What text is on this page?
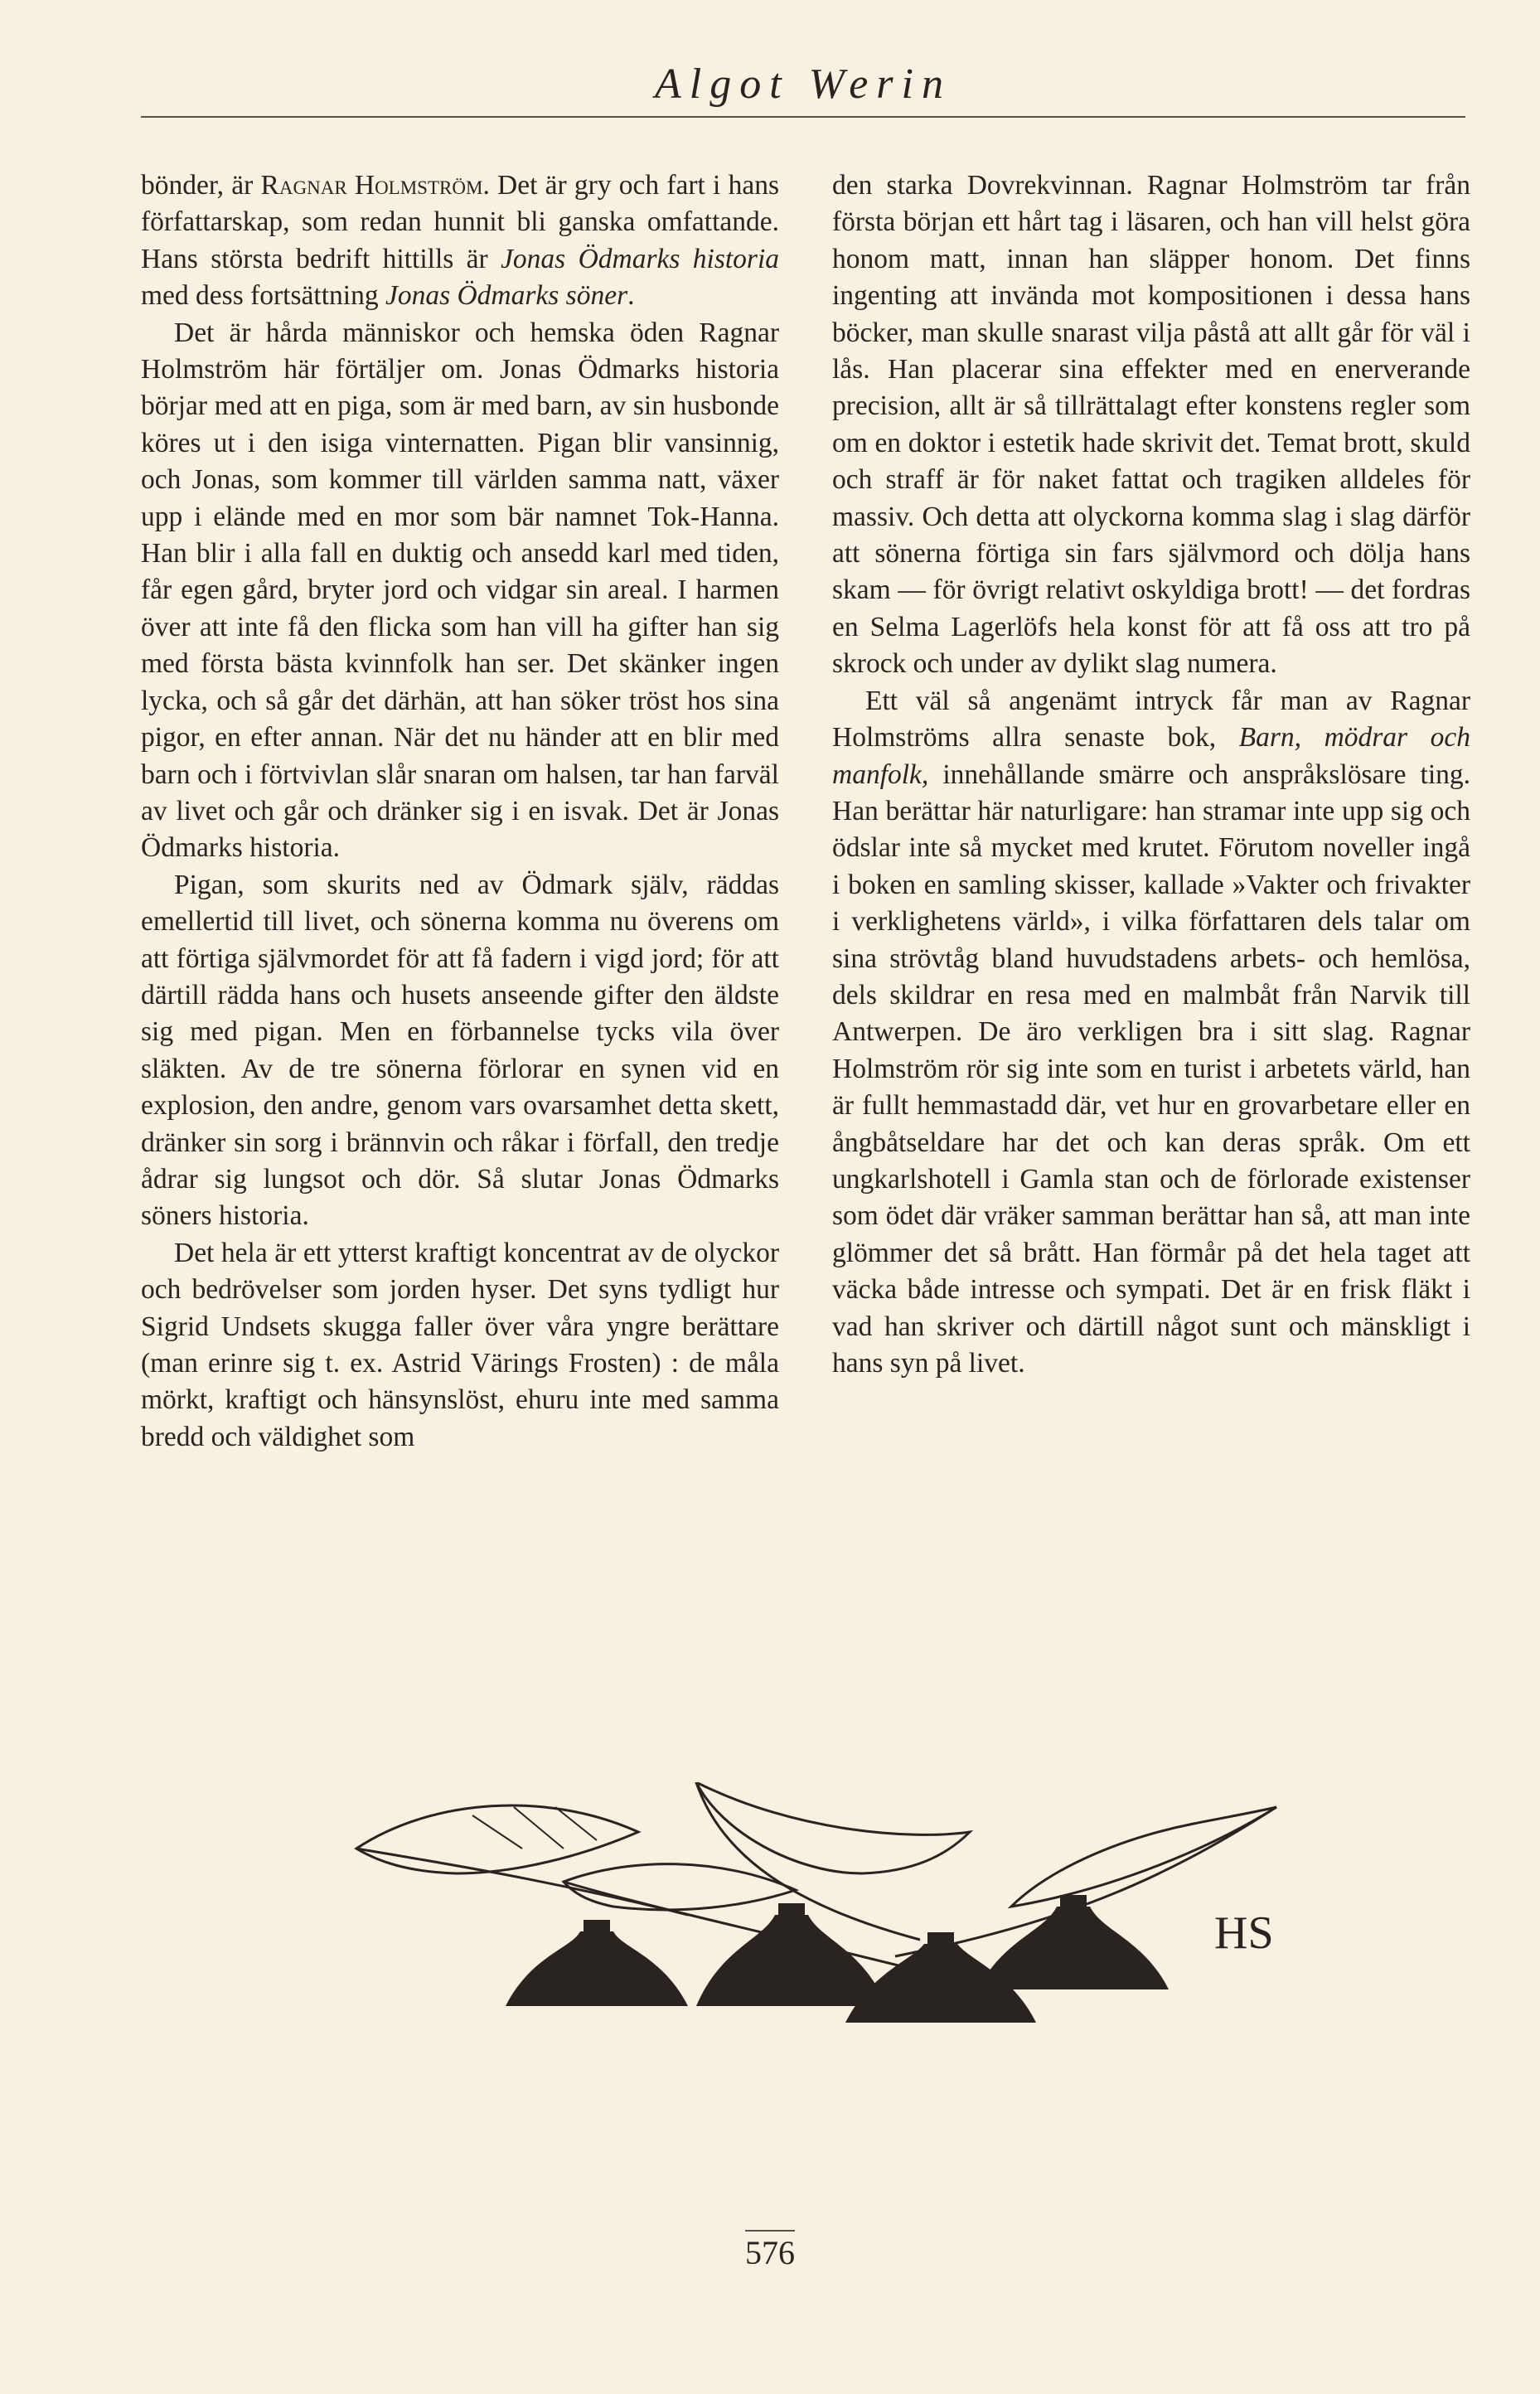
Algot Werin

bönder, är Ragnar Holmström. Det är gry och fart i hans författarskap, som redan hunnit bli ganska omfattande. Hans största bedrift hittills är Jonas Ödmarks historia med dess fortsättning Jonas Ödmarks söner.

Det är hårda människor och hemska öden Ragnar Holmström här förtäljer om. Jonas Ödmarks historia börjar med att en piga, som är med barn, av sin husbonde köres ut i den isiga vinternatten. Pigan blir vansinnig, och Jonas, som kommer till världen samma natt, växer upp i elände med en mor som bär namnet Tok-Hanna. Han blir i alla fall en duktig och ansedd karl med tiden, får egen gård, bryter jord och vidgar sin areal. I harmen över att inte få den flicka som han vill ha gifter han sig med första bästa kvinnfolk han ser. Det skänker ingen lycka, och så går det därhän, att han söker tröst hos sina pigor, en efter annan. När det nu händer att en blir med barn och i förtvivlan slår snaran om halsen, tar han farväl av livet och går och dränker sig i en isvak. Det är Jonas Ödmarks historia.

Pigan, som skurits ned av Ödmark själv, räddas emellertid till livet, och sönerna komma nu överens om att förtiga självmordet för att få fadern i vigd jord; för att därtill rädda hans och husets anseende gifter den äldste sig med pigan. Men en förbannelse tycks vila över släkten. Av de tre sönerna förlorar en synen vid en explosion, den andre, genom vars ovarsamhet detta skett, dränker sin sorg i brännvin och råkar i förfall, den tredje ådrar sig lungsot och dör. Så slutar Jonas Ödmarks söners historia.

Det hela är ett ytterst kraftigt koncentrat av de olyckor och bedrövelser som jorden hyser. Det syns tydligt hur Sigrid Undsets skugga faller över våra yngre berättare (man erinre sig t. ex. Astrid Värings Frosten) : de måla mörkt, kraftigt och hänsynslöst, ehuru inte med samma bredd och väldighet som

den starka Dovrekvinnan. Ragnar Holmström tar från första början ett hårt tag i läsaren, och han vill helst göra honom matt, innan han släpper honom. Det finns ingenting att invända mot kompositionen i dessa hans böcker, man skulle snarast vilja påstå att allt går för väl i lås. Han placerar sina effekter med en enerverande precision, allt är så tillrättalagt efter konstens regler som om en doktor i estetik hade skrivit det. Temat brott, skuld och straff är för naket fattat och tragiken alldeles för massiv. Och detta att olyckorna komma slag i slag därför att sönerna förtiga sin fars självmord och dölja hans skam — för övrigt relativt oskyldiga brott! — det fordras en Selma Lagerlöfs hela konst för att få oss att tro på skrock och under av dylikt slag numera.

Ett väl så angenämt intryck får man av Ragnar Holmströms allra senaste bok, Barn, mödrar och manfolk, innehållande smärre och anspråkslösare ting. Han berättar här naturligare: han stramar inte upp sig och ödslar inte så mycket med krutet. Förutom noveller ingå i boken en samling skisser, kallade »Vakter och frivakter i verklighetens värld», i vilka författaren dels talar om sina strövtåg bland huvudstadens arbets- och hemlösa, dels skildrar en resa med en malmbåt från Narvik till Antwerpen. De äro verkligen bra i sitt slag. Ragnar Holmström rör sig inte som en turist i arbetets värld, han är fullt hemmastadd där, vet hur en grovarbetare eller en ångbåtseldare har det och kan deras språk. Om ett ungkarlshotell i Gamla stan och de förlorade existenser som ödet där vräker samman berättar han så, att man inte glömmer det så brått. Han förmår på det hela taget att väcka både intresse och sympati. Det är en frisk fläkt i vad han skriver och därtill något sunt och mänskligt i hans syn på livet.

HS
576
